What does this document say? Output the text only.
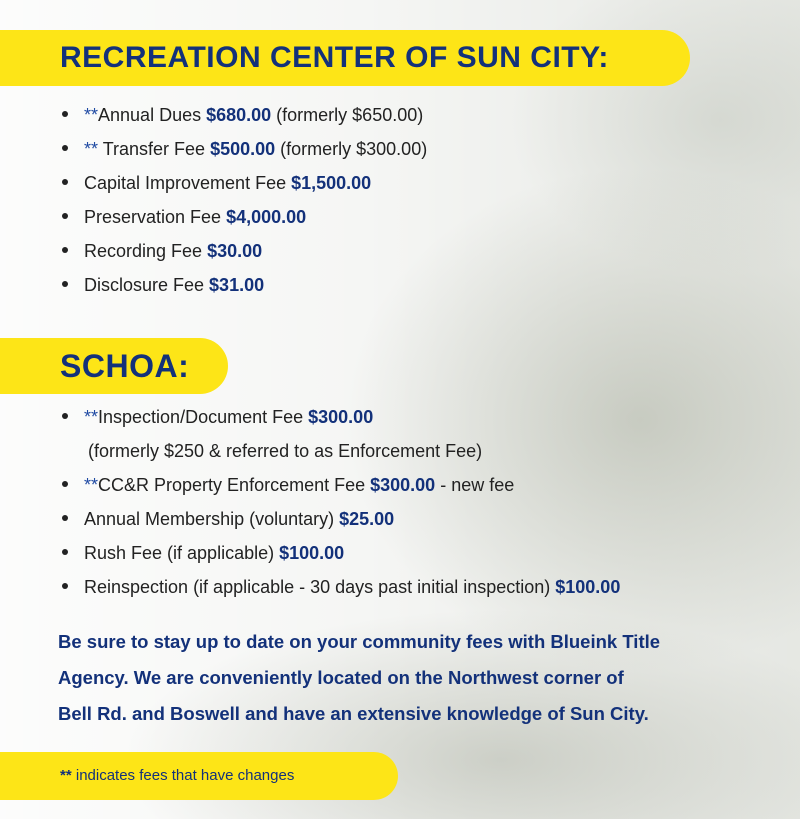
RECREATION CENTER OF SUN CITY:
**Annual Dues $680.00 (formerly $650.00)
** Transfer Fee $500.00 (formerly $300.00)
Capital Improvement Fee $1,500.00
Preservation Fee $4,000.00
Recording Fee $30.00
Disclosure Fee $31.00
SCHOA:
**Inspection/Document Fee $300.00
(formerly $250 & referred to as Enforcement Fee)
**CC&R Property Enforcement Fee $300.00 - new fee
Annual Membership (voluntary) $25.00
Rush Fee (if applicable) $100.00
Reinspection (if applicable - 30 days past initial inspection) $100.00

Be sure to stay up to date on your community fees with Blueink Title
Agency. We are conveniently located on the Northwest corner of
Bell Rd. and Boswell and have an extensive knowledge of Sun City.

** indicates fees that have changes
